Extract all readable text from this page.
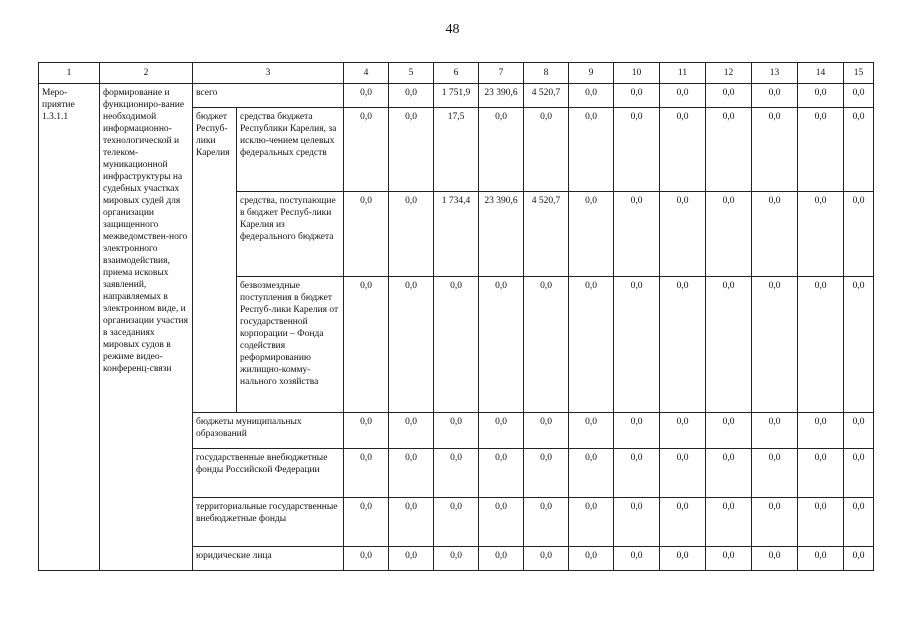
48
1	2	3		4	5	6	7	8	9	10	11	12	13	14	15
Меро-приятие 1.3.1.1	формирование и функциониро-вание необходимой информационно-технологической и телеком-муникационной инфраструктуры на судебных участках мировых судей для организации защищенного межведомствен-ного электронного взаимодействия, приема исковых заявлений, направляемых в электронном виде, и организации участия в заседаниях мировых судов в режиме видео-конференц-связи	всего		0,0	0,0	1 751,9	23 390,6	4 520,7	0,0	0,0	0,0	0,0	0,0	0,0	0,0
		бюджет Респуб-лики Карелия	средства бюджета Республики Карелия, за исклю-чением целевых федеральных средств	0,0	0,0	17,5	0,0	0,0	0,0	0,0	0,0	0,0	0,0	0,0	0,0
			средства, поступающие в бюджет Респуб-лики Карелия из федерального бюджета	0,0	0,0	1 734,4	23 390,6	4 520,7	0,0	0,0	0,0	0,0	0,0	0,0	0,0
			безвозмездные поступления в бюджет Респуб-лики Карелия от государственной корпорации – Фонда содействия реформированию жилищно-комму-нального хозяйства	0,0	0,0	0,0	0,0	0,0	0,0	0,0	0,0	0,0	0,0	0,0	0,0
		бюджеты муниципальных образований		0,0	0,0	0,0	0,0	0,0	0,0	0,0	0,0	0,0	0,0	0,0	0,0
		государственные внебюджетные фонды Российской Федерации		0,0	0,0	0,0	0,0	0,0	0,0	0,0	0,0	0,0	0,0	0,0	0,0
		территориальные государственные внебюджетные фонды		0,0	0,0	0,0	0,0	0,0	0,0	0,0	0,0	0,0	0,0	0,0	0,0
		юридические лица		0,0	0,0	0,0	0,0	0,0	0,0	0,0	0,0	0,0	0,0	0,0	0,0
